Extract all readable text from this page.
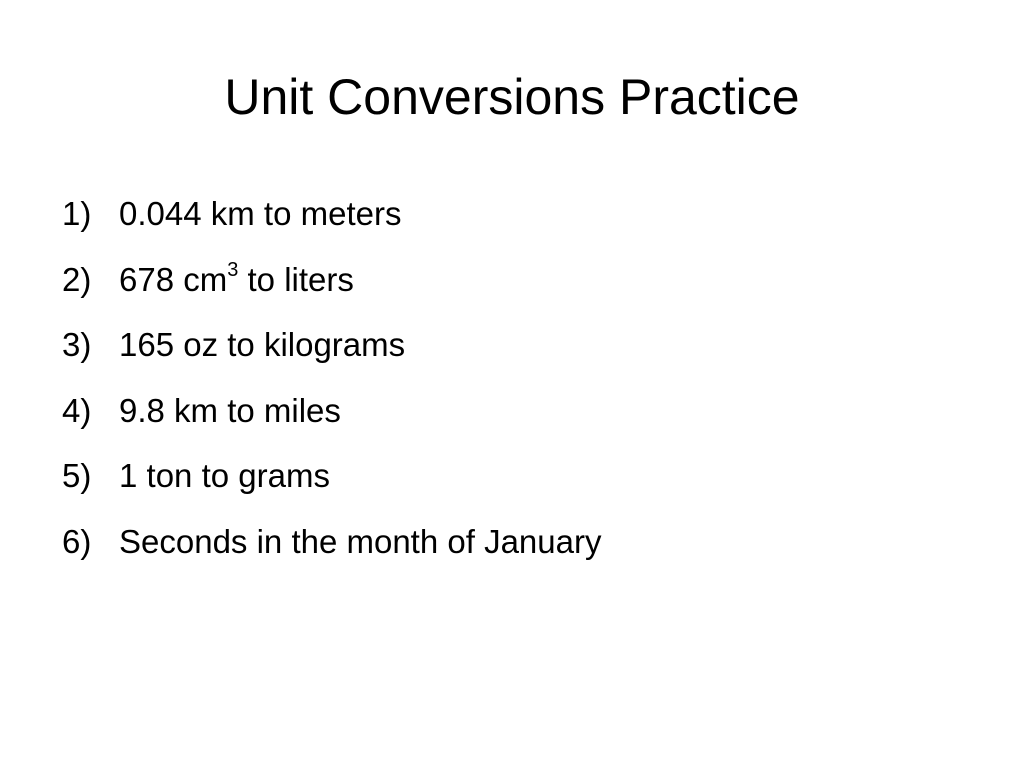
Unit Conversions Practice
1) 0.044 km to meters
2) 678 $cm^3$ to liters
3) 165 oz to kilograms
4) 9.8 km to miles
5) 1 ton to grams
6) Seconds in the month of January
